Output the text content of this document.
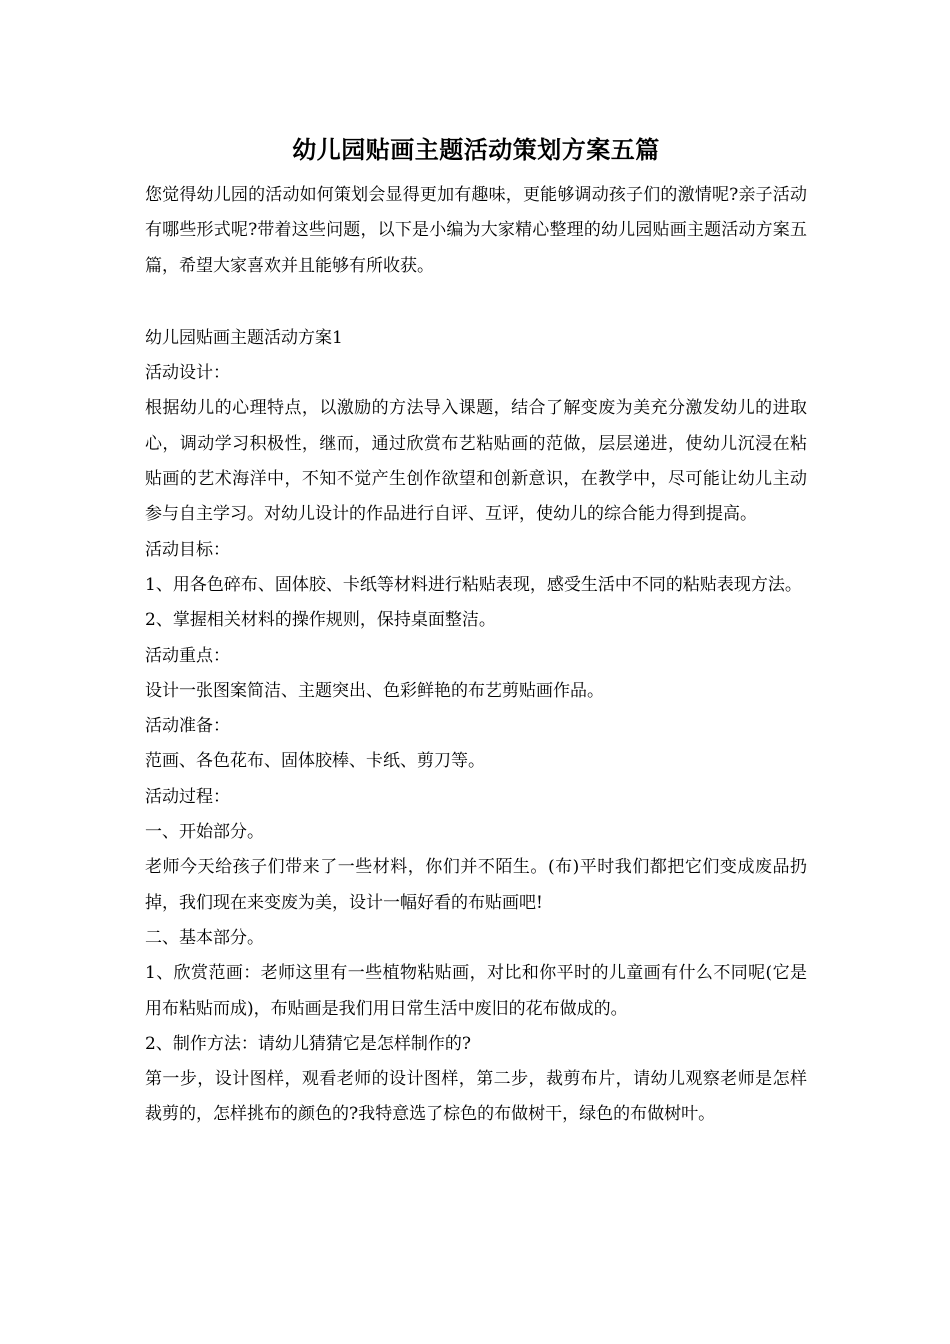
幼儿园贴画主题活动策划方案五篇

您觉得幼儿园的活动如何策划会显得更加有趣味，更能够调动孩子们的激情呢?亲子活动有哪些形式呢?带着这些问题，以下是小编为大家精心整理的幼儿园贴画主题活动方案五篇，希望大家喜欢并且能够有所收获。

幼儿园贴画主题活动方案1

活动设计：

根据幼儿的心理特点，以激励的方法导入课题，结合了解变废为美充分激发幼儿的进取心，调动学习积极性，继而，通过欣赏布艺粘贴画的范做，层层递进，使幼儿沉浸在粘贴画的艺术海洋中，不知不觉产生创作欲望和创新意识，在教学中，尽可能让幼儿主动参与自主学习。对幼儿设计的作品进行自评、互评，使幼儿的综合能力得到提高。

活动目标：

1、用各色碎布、固体胶、卡纸等材料进行粘贴表现，感受生活中不同的粘贴表现方法。

2、掌握相关材料的操作规则，保持桌面整洁。

活动重点：

设计一张图案简洁、主题突出、色彩鲜艳的布艺剪贴画作品。

活动准备：

范画、各色花布、固体胶棒、卡纸、剪刀等。

活动过程：

一、开始部分。

老师今天给孩子们带来了一些材料，你们并不陌生。(布)平时我们都把它们变成废品扔掉，我们现在来变废为美，设计一幅好看的布贴画吧!

二、基本部分。

1、欣赏范画：老师这里有一些植物粘贴画，对比和你平时的儿童画有什么不同呢(它是用布粘贴而成)，布贴画是我们用日常生活中废旧的花布做成的。

2、制作方法：请幼儿猜猜它是怎样制作的?

第一步，设计图样，观看老师的设计图样，第二步，裁剪布片，请幼儿观察老师是怎样裁剪的，怎样挑布的颜色的?我特意选了棕色的布做树干，绿色的布做树叶。
